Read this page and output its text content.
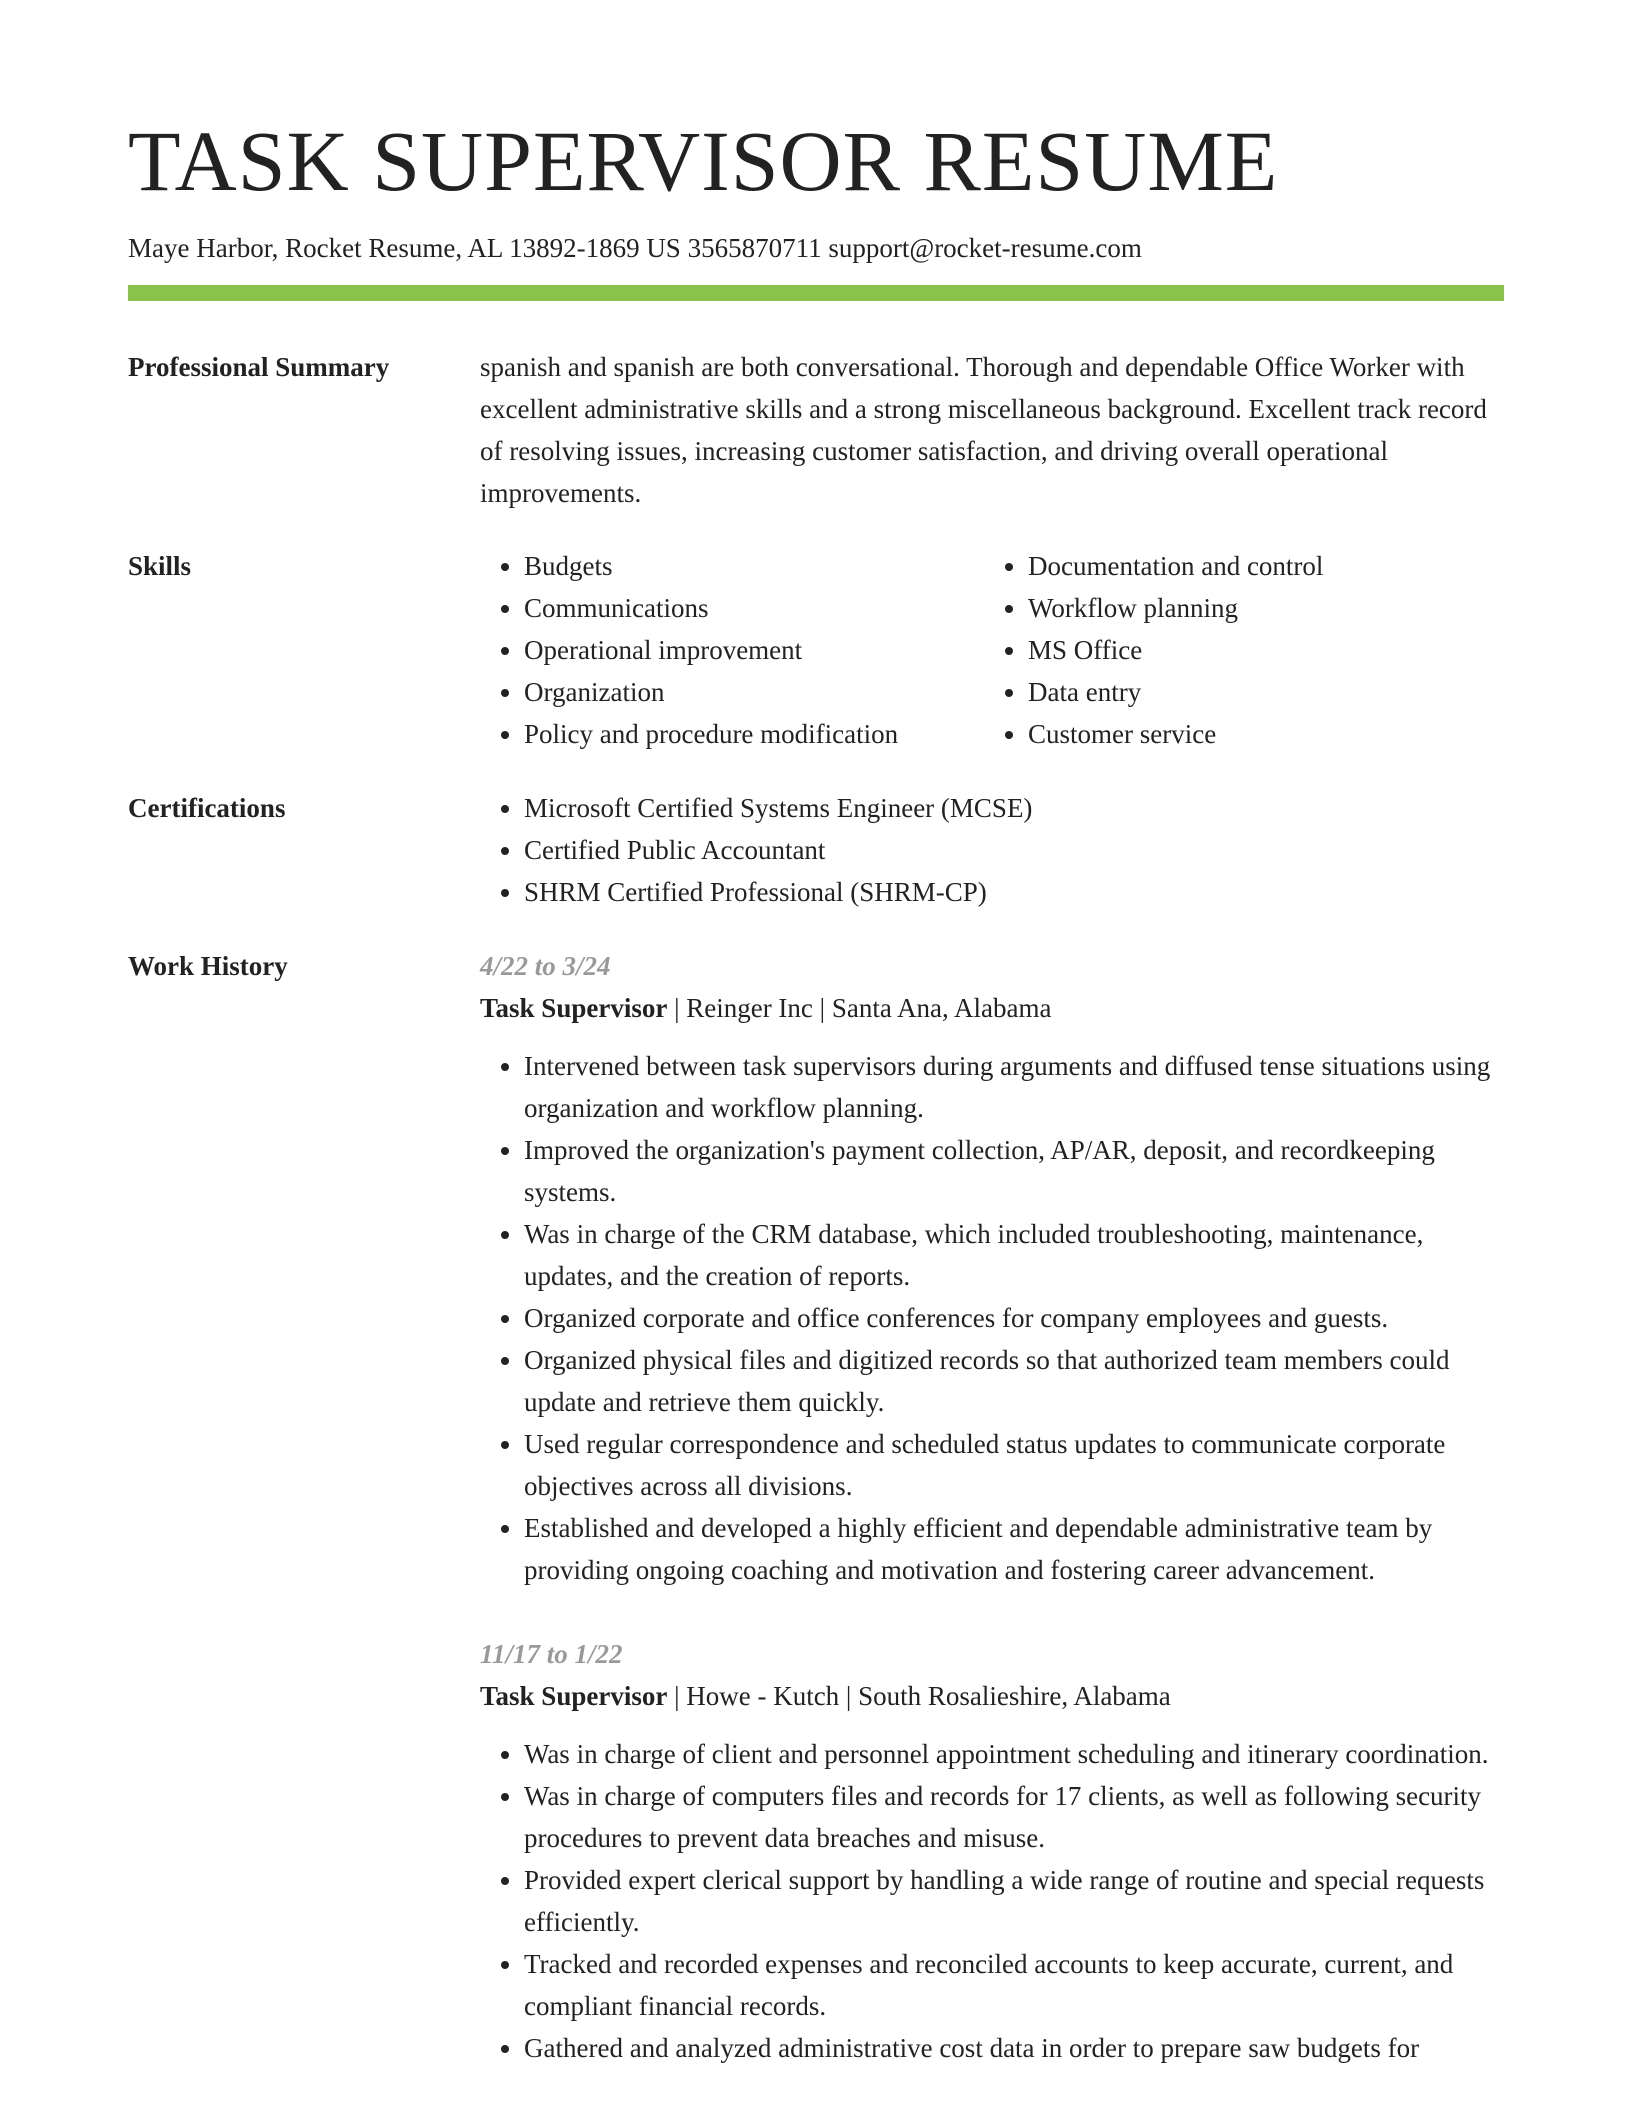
TASK SUPERVISOR RESUME
Maye Harbor, Rocket Resume, AL 13892-1869 US 3565870711 support@rocket-resume.com
Professional Summary	spanish and spanish are both conversational. Thorough and dependable Office Worker with excellent administrative skills and a strong miscellaneous background. Excellent track record of resolving issues, increasing customer satisfaction, and driving overall operational improvements.

Skills	• Budgets
• Communications
• Operational improvement
• Organization
• Policy and procedure modification
• Documentation and control
• Workflow planning
• MS Office
• Data entry
• Customer service
Certifications	• Microsoft Certified Systems Engineer (MCSE)
• Certified Public Accountant
• SHRM Certified Professional (SHRM-CP)
Work History	4/22 to 3/24
Task Supervisor | Reinger Inc | Santa Ana, Alabama
• Intervened between task supervisors during arguments and diffused tense situations using organization and workflow planning.
• Improved the organization's payment collection, AP/AR, deposit, and recordkeeping systems.
• Was in charge of the CRM database, which included troubleshooting, maintenance, updates, and the creation of reports.
• Organized corporate and office conferences for company employees and guests.
• Organized physical files and digitized records so that authorized team members could update and retrieve them quickly.
• Used regular correspondence and scheduled status updates to communicate corporate objectives across all divisions.
• Established and developed a highly efficient and dependable administrative team by providing ongoing coaching and motivation and fostering career advancement.
11/17 to 1/22
Task Supervisor | Howe - Kutch | South Rosalieshire, Alabama
• Was in charge of client and personnel appointment scheduling and itinerary coordination.
• Was in charge of computers files and records for 17 clients, as well as following security procedures to prevent data breaches and misuse.
• Provided expert clerical support by handling a wide range of routine and special requests efficiently.
• Tracked and recorded expenses and reconciled accounts to keep accurate, current, and compliant financial records.
• Gathered and analyzed administrative cost data in order to prepare saw budgets for
